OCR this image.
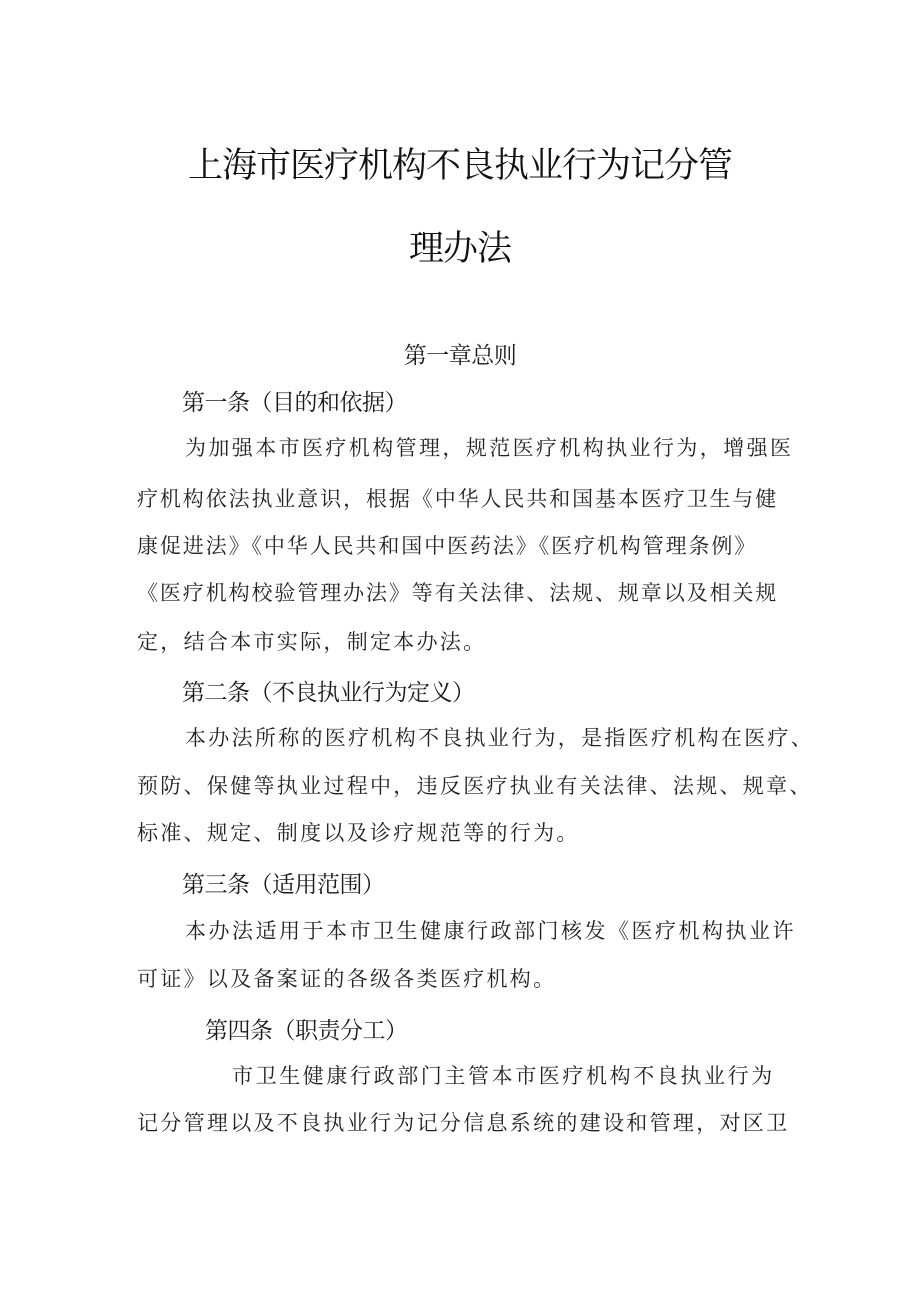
上海市医疗机构不良执业行为记分管
理办法
第一章总则
第一条（目的和依据）
为加强本市医疗机构管理，规范医疗机构执业行为，增强医
疗机构依法执业意识，根据《中华人民共和国基本医疗卫生与健
康促进法》《中华人民共和国中医药法》《医疗机构管理条例》
《医疗机构校验管理办法》等有关法律、法规、规章以及相关规
定，结合本市实际，制定本办法。
第二条（不良执业行为定义）
本办法所称的医疗机构不良执业行为，是指医疗机构在医疗、
预防、保健等执业过程中，违反医疗执业有关法律、法规、规章、
标准、规定、制度以及诊疗规范等的行为。
第三条（适用范围）
本办法适用于本市卫生健康行政部门核发《医疗机构执业许
可证》以及备案证的各级各类医疗机构。
第四条（职责分工）
市卫生健康行政部门主管本市医疗机构不良执业行为
记分管理以及不良执业行为记分信息系统的建设和管理，对区卫
